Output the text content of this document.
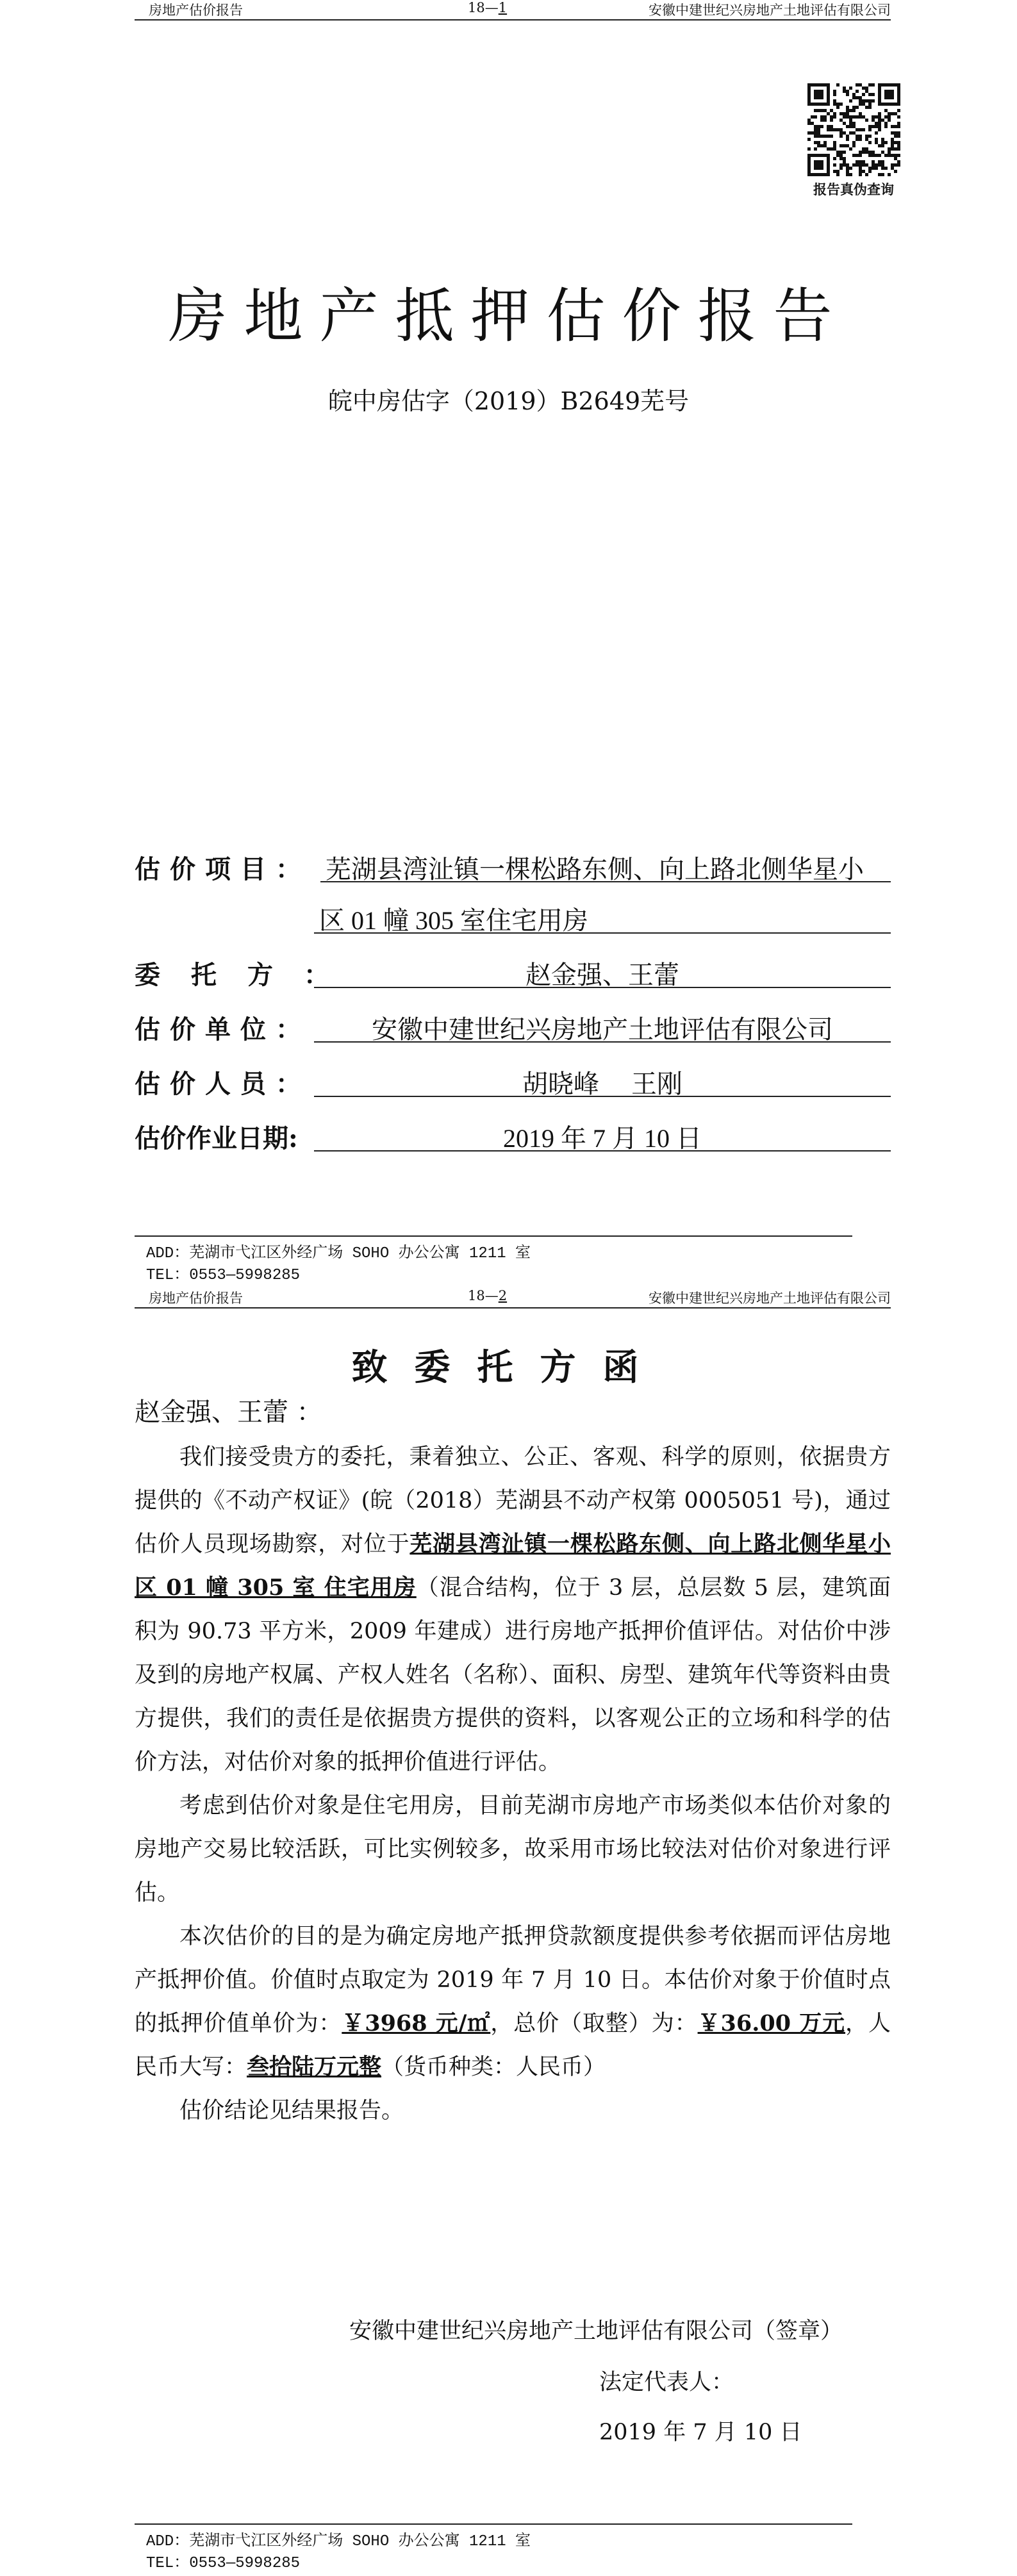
房地产估价报告	18—1	安徽中建世纪兴房地产土地评估有限公司
报告真伪查询
房地产抵押估价报告
皖中房估字（2019）B2649芜号
估价项目： 芜湖县湾沚镇一棵松路东侧、向上路北侧华星小
区 01 幢 305 室住宅用房
委托方：	赵金强、王蕾
估价单位：	安徽中建世纪兴房地产土地评估有限公司
估价人员：	胡晓峰　 王刚
估价作业日期:	2019 年 7 月 10 日
ADD：芜湖市弋江区外经广场 SOHO 办公公寓 1211 室
TEL：0553—5998285
房地产估价报告	18—2	安徽中建世纪兴房地产土地评估有限公司
致委托方函
赵金强、王蕾 ：

我们接受贵方的委托，秉着独立、公正、客观、科学的原则，依据贵方提供的《不动产权证》(皖（2018）芜湖县不动产权第 0005051 号)，通过估价人员现场勘察，对位于芜湖县湾沚镇一棵松路东侧、向上路北侧华星小区 01 幢 305 室 住宅用房（混合结构，位于 3 层，总层数 5 层，建筑面积为 90.73 平方米，2009 年建成）进行房地产抵押价值评估。对估价中涉及到的房地产权属、产权人姓名（名称）、面积、房型、建筑年代等资料由贵方提供，我们的责任是依据贵方提供的资料，以客观公正的立场和科学的估价方法，对估价对象的抵押价值进行评估。

考虑到估价对象是住宅用房，目前芜湖市房地产市场类似本估价对象的房地产交易比较活跃，可比实例较多，故采用市场比较法对估价对象进行评估。

本次估价的目的是为确定房地产抵押贷款额度提供参考依据而评估房地产抵押价值。价值时点取定为 2019 年 7 月 10 日。本估价对象于价值时点的抵押价值单价为：￥3968 元/㎡，总价（取整）为：￥36.00 万元，人民币大写：叁拾陆万元整（货币种类：人民币）

估价结论见结果报告。

安徽中建世纪兴房地产土地评估有限公司（签章）
法定代表人：
2019 年 7 月 10 日
ADD：芜湖市弋江区外经广场 SOHO 办公公寓 1211 室
TEL：0553—5998285
